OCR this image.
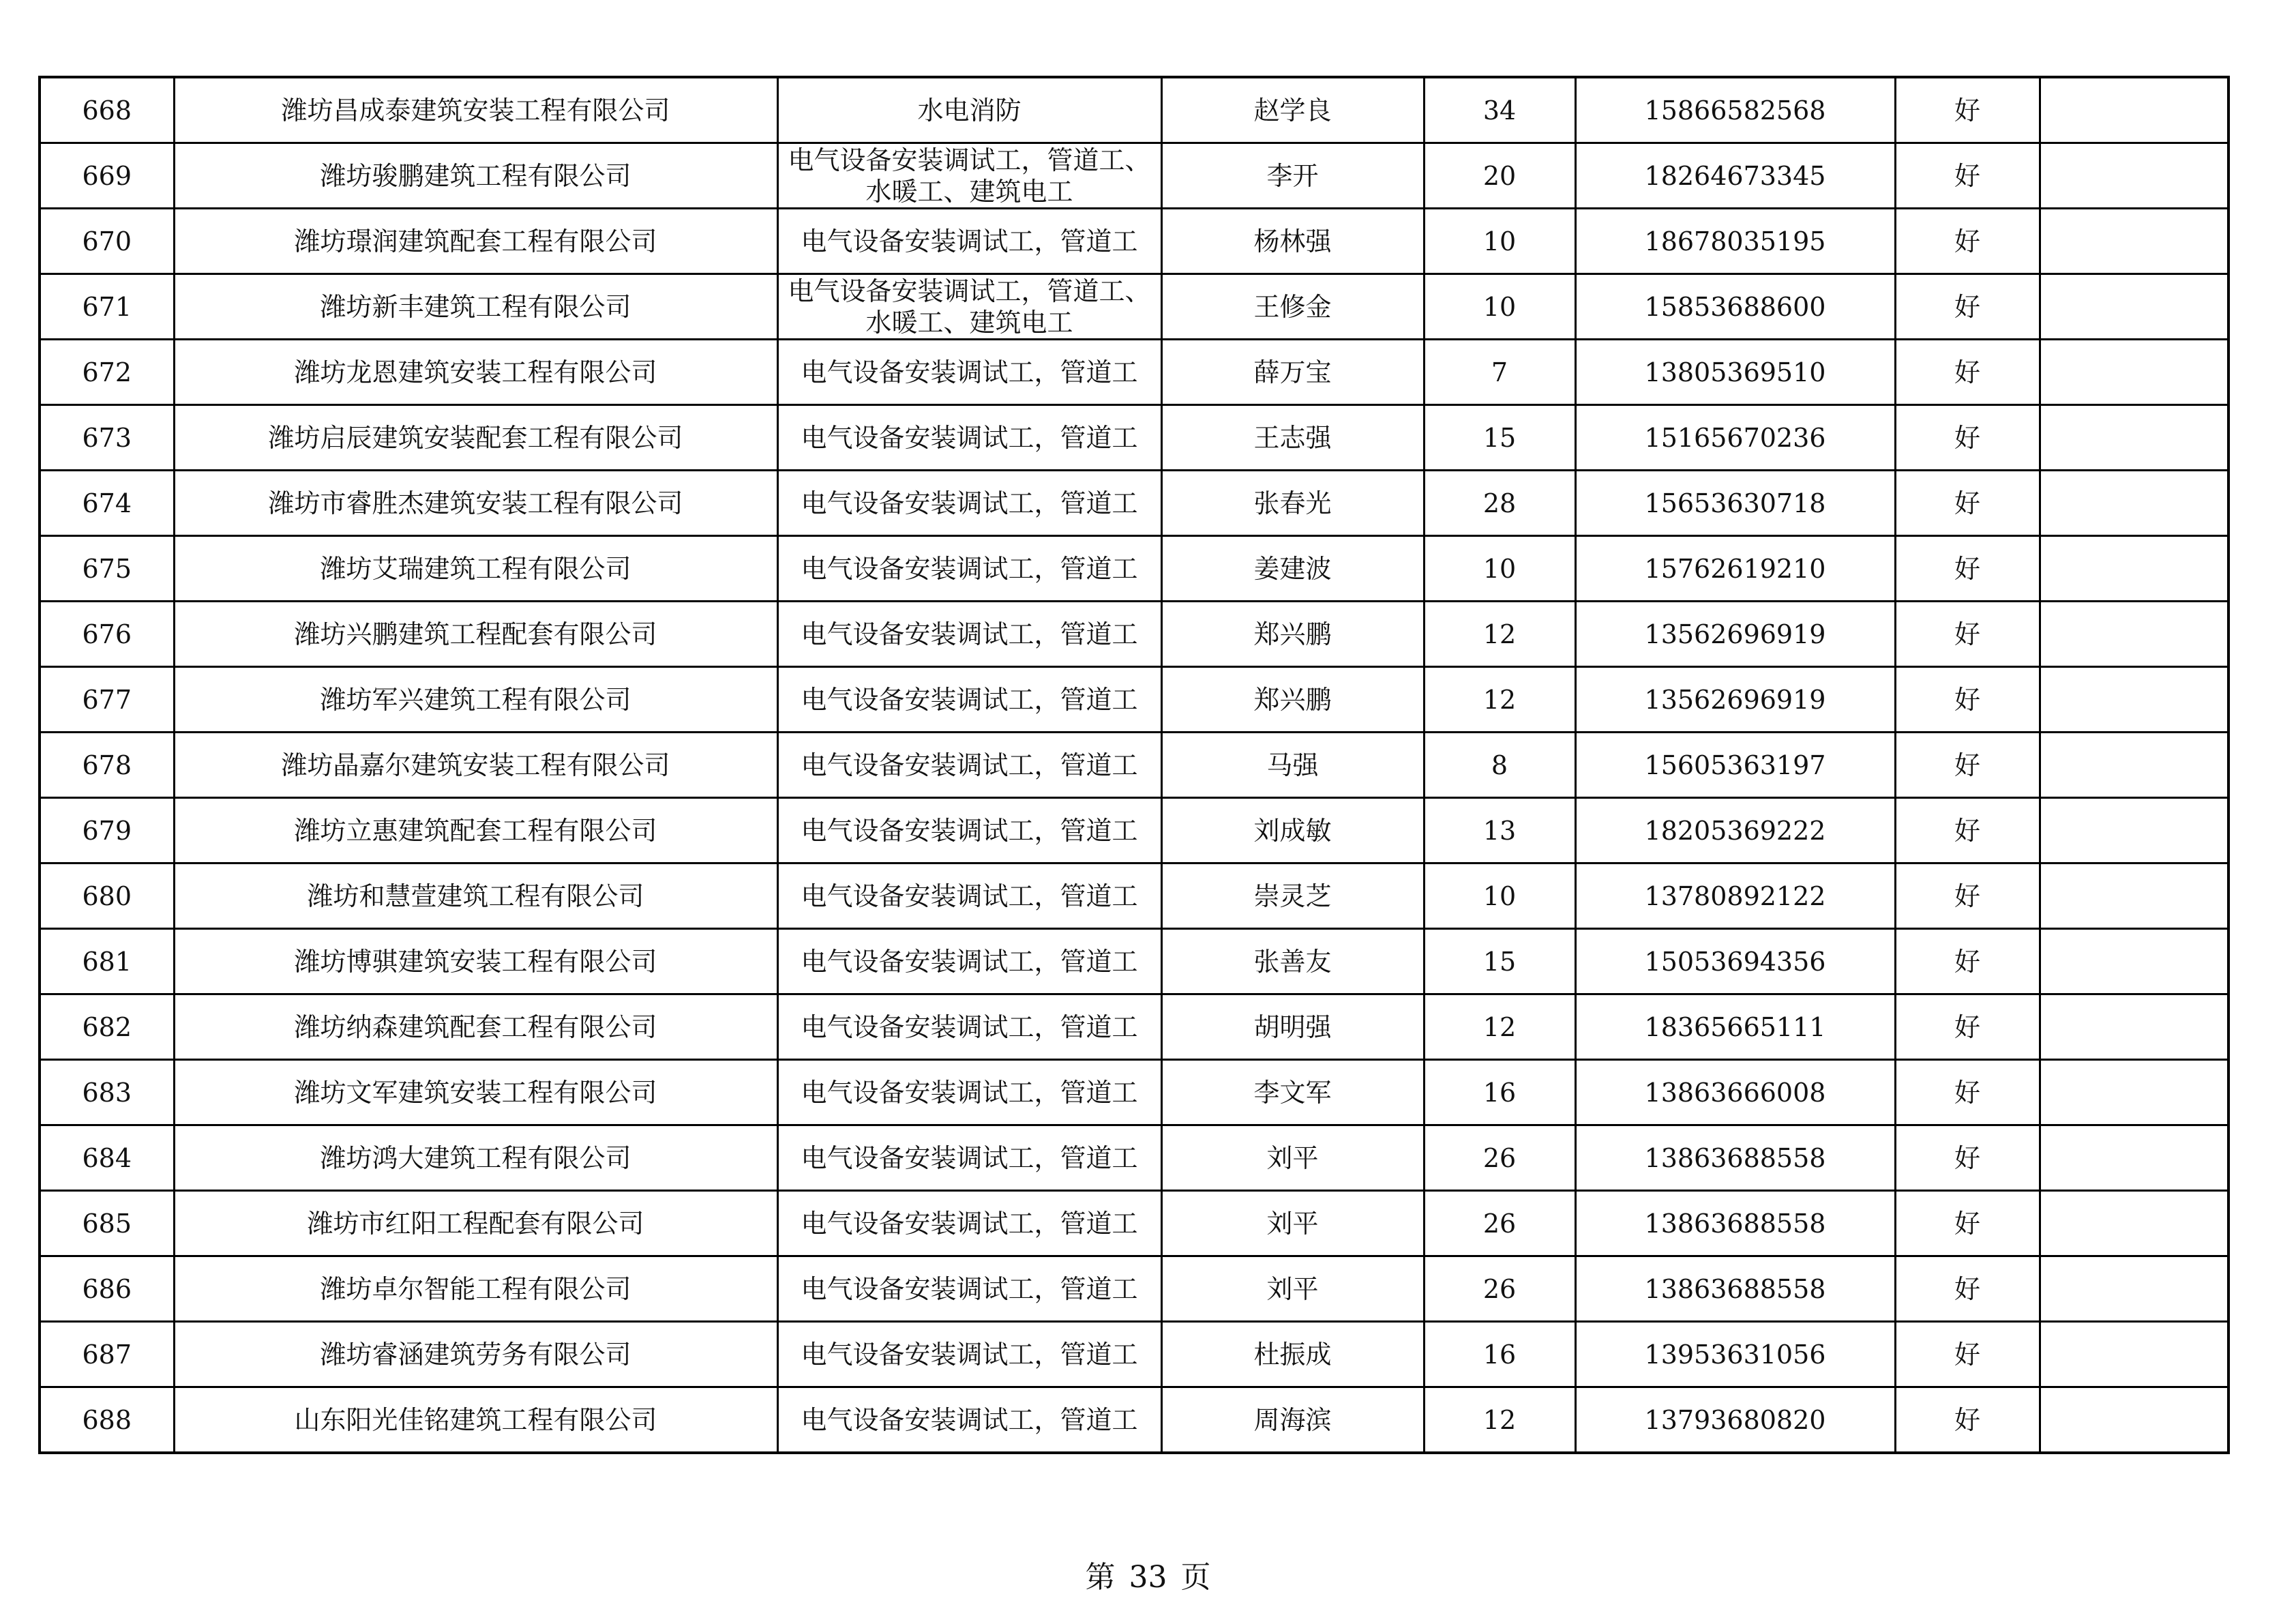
668	潍坊昌成泰建筑安装工程有限公司	水电消防	赵学良	34	15866582568	好	
669	潍坊骏鹏建筑工程有限公司	电气设备安装调试工，管道工、水暖工、建筑电工	李开	20	18264673345	好	
670	潍坊璟润建筑配套工程有限公司	电气设备安装调试工，管道工	杨林强	10	18678035195	好	
671	潍坊新丰建筑工程有限公司	电气设备安装调试工，管道工、水暖工、建筑电工	王修金	10	15853688600	好	
672	潍坊龙恩建筑安装工程有限公司	电气设备安装调试工，管道工	薛万宝	7	13805369510	好	
673	潍坊启辰建筑安装配套工程有限公司	电气设备安装调试工，管道工	王志强	15	15165670236	好	
674	潍坊市睿胜杰建筑安装工程有限公司	电气设备安装调试工，管道工	张春光	28	15653630718	好	
675	潍坊艾瑞建筑工程有限公司	电气设备安装调试工，管道工	姜建波	10	15762619210	好	
676	潍坊兴鹏建筑工程配套有限公司	电气设备安装调试工，管道工	郑兴鹏	12	13562696919	好	
677	潍坊军兴建筑工程有限公司	电气设备安装调试工，管道工	郑兴鹏	12	13562696919	好	
678	潍坊晶嘉尔建筑安装工程有限公司	电气设备安装调试工，管道工	马强	8	15605363197	好	
679	潍坊立惠建筑配套工程有限公司	电气设备安装调试工，管道工	刘成敏	13	18205369222	好	
680	潍坊和慧萱建筑工程有限公司	电气设备安装调试工，管道工	崇灵芝	10	13780892122	好	
681	潍坊博骐建筑安装工程有限公司	电气设备安装调试工，管道工	张善友	15	15053694356	好	
682	潍坊纳森建筑配套工程有限公司	电气设备安装调试工，管道工	胡明强	12	18365665111	好	
683	潍坊文军建筑安装工程有限公司	电气设备安装调试工，管道工	李文军	16	13863666008	好	
684	潍坊鸿大建筑工程有限公司	电气设备安装调试工，管道工	刘平	26	13863688558	好	
685	潍坊市红阳工程配套有限公司	电气设备安装调试工，管道工	刘平	26	13863688558	好	
686	潍坊卓尔智能工程有限公司	电气设备安装调试工，管道工	刘平	26	13863688558	好	
687	潍坊睿涵建筑劳务有限公司	电气设备安装调试工，管道工	杜振成	16	13953631056	好	
688	山东阳光佳铭建筑工程有限公司	电气设备安装调试工，管道工	周海滨	12	13793680820	好	
第 33 页
